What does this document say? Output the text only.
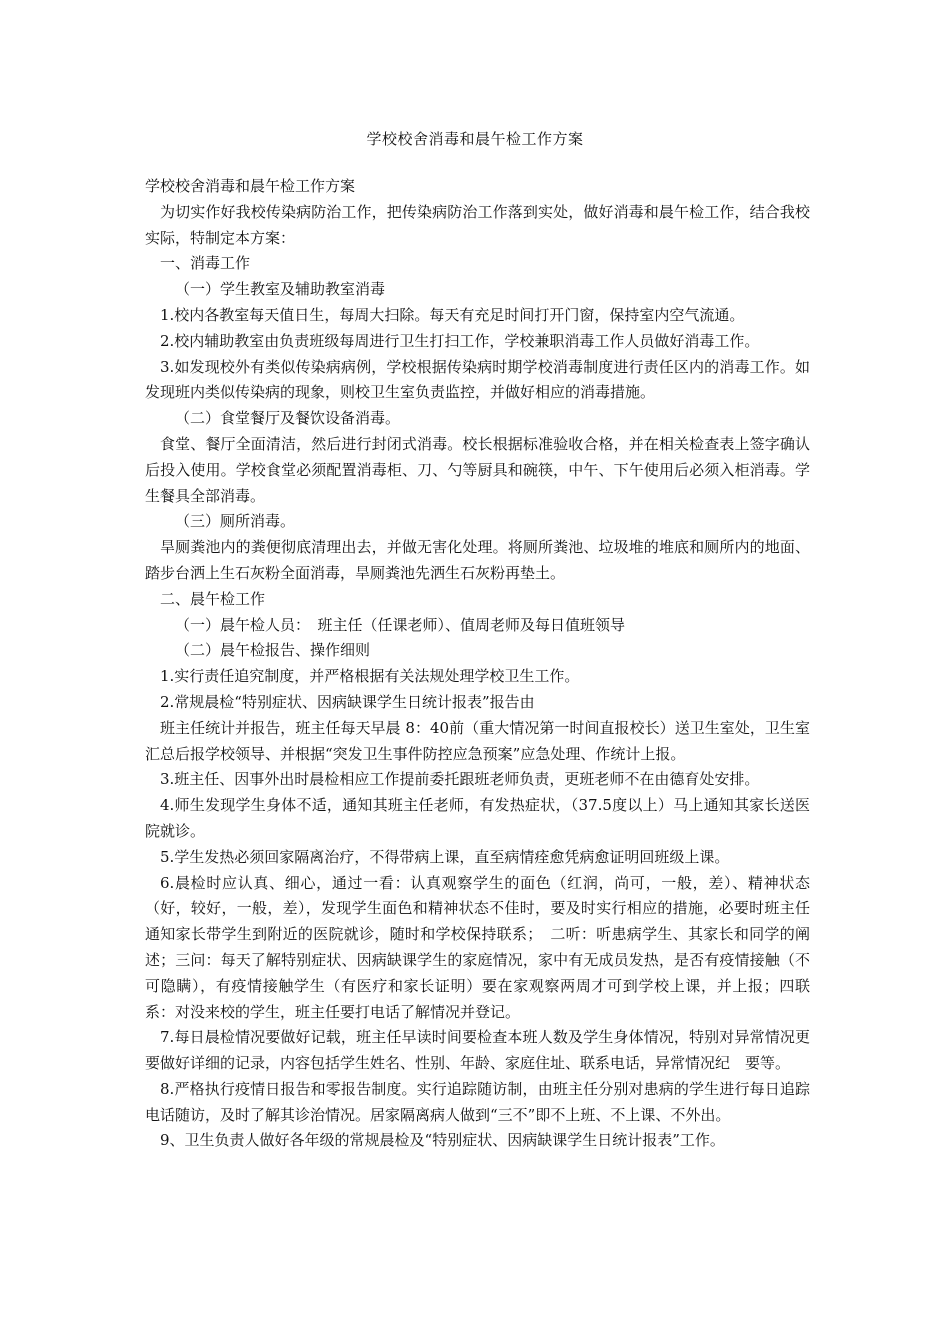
学校校舍消毒和晨午检工作方案

学校校舍消毒和晨午检工作方案

为切实作好我校传染病防治工作，把传染病防治工作落到实处，做好消毒和晨午检工作，结合我校实际，特制定本方案：

一、消毒工作

（一）学生教室及辅助教室消毒

1.校内各教室每天值日生，每周大扫除。每天有充足时间打开门窗，保持室内空气流通。

2.校内辅助教室由负责班级每周进行卫生打扫工作，学校兼职消毒工作人员做好消毒工作。

3.如发现校外有类似传染病病例，学校根据传染病时期学校消毒制度进行责任区内的消毒工作。如发现班内类似传染病的现象，则校卫生室负责监控，并做好相应的消毒措施。

（二）食堂餐厅及餐饮设备消毒。

食堂、餐厅全面清洁，然后进行封闭式消毒。校长根据标准验收合格，并在相关检查表上签字确认后投入使用。学校食堂必须配置消毒柜、刀、勺等厨具和碗筷，中午、下午使用后必须入柜消毒。学生餐具全部消毒。

（三）厕所消毒。

旱厕粪池内的粪便彻底清理出去，并做无害化处理。将厕所粪池、垃圾堆的堆底和厕所内的地面、踏步台洒上生石灰粉全面消毒，旱厕粪池先洒生石灰粉再垫土。

二、晨午检工作

（一）晨午检人员：　班主任（任课老师）、值周老师及每日值班领导

（二）晨午检报告、操作细则

1.实行责任追究制度，并严格根据有关法规处理学校卫生工作。

2.常规晨检“特别症状、因病缺课学生日统计报表”报告由

班主任统计并报告，班主任每天早晨 8：40前（重大情况第一时间直报校长）送卫生室处，卫生室汇总后报学校领导、并根据“突发卫生事件防控应急预案”应急处理、作统计上报。

3.班主任、因事外出时晨检相应工作提前委托跟班老师负责，更班老师不在由德育处安排。

4.师生发现学生身体不适，通知其班主任老师，有发热症状，（37.5度以上）马上通知其家长送医院就诊。

5.学生发热必须回家隔离治疗，不得带病上课，直至病情痊愈凭病愈证明回班级上课。

6.晨检时应认真、细心，通过一看：认真观察学生的面色（红润，尚可，一般，差）、精神状态（好，较好，一般，差），发现学生面色和精神状态不佳时，要及时实行相应的措施，必要时班主任通知家长带学生到附近的医院就诊，随时和学校保持联系；　二听：听患病学生、其家长和同学的阐述；三问：每天了解特别症状、因病缺课学生的家庭情况，家中有无成员发热，是否有疫情接触（不可隐瞒），有疫情接触学生（有医疗和家长证明）要在家观察两周才可到学校上课，并上报；四联系：对没来校的学生，班主任要打电话了解情况并登记。

7.每日晨检情况要做好记载，班主任早读时间要检查本班人数及学生身体情况，特别对异常情况更要做好详细的记录，内容包括学生姓名、性别、年龄、家庭住址、联系电话，异常情况纪　要等。

8.严格执行疫情日报告和零报告制度。实行追踪随访制，由班主任分别对患病的学生进行每日追踪电话随访，及时了解其诊治情况。居家隔离病人做到“三不”即不上班、不上课、不外出。

9、卫生负责人做好各年级的常规晨检及“特别症状、因病缺课学生日统计报表”工作。
